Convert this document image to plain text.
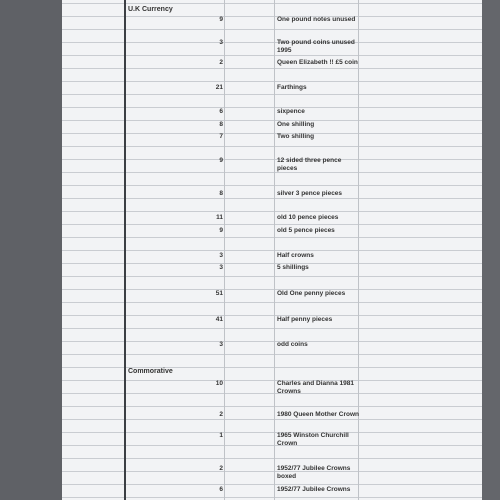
U.K Currency
Commorative
9	One pound notes unused
3	Two pound coins unused 1995
2	Queen Elizabeth !! £5 coin
21	Farthings
6	sixpence
8	One shilling
7	Two shilling
9	12 sided three pence pieces
8	silver 3 pence pieces
11	old 10 pence pieces
9	old 5 pence pieces
3	Half crowns
3	5 shillings
51	Old One penny pieces
41	Half penny pieces
3	odd coins
10	Charles and Dianna 1981 Crowns
2	1980 Queen Mother Crown
1	1965 Winston Churchill Crown
2	1952/77 Jubilee Crowns boxed
6	1952/77 Jubilee Crowns
